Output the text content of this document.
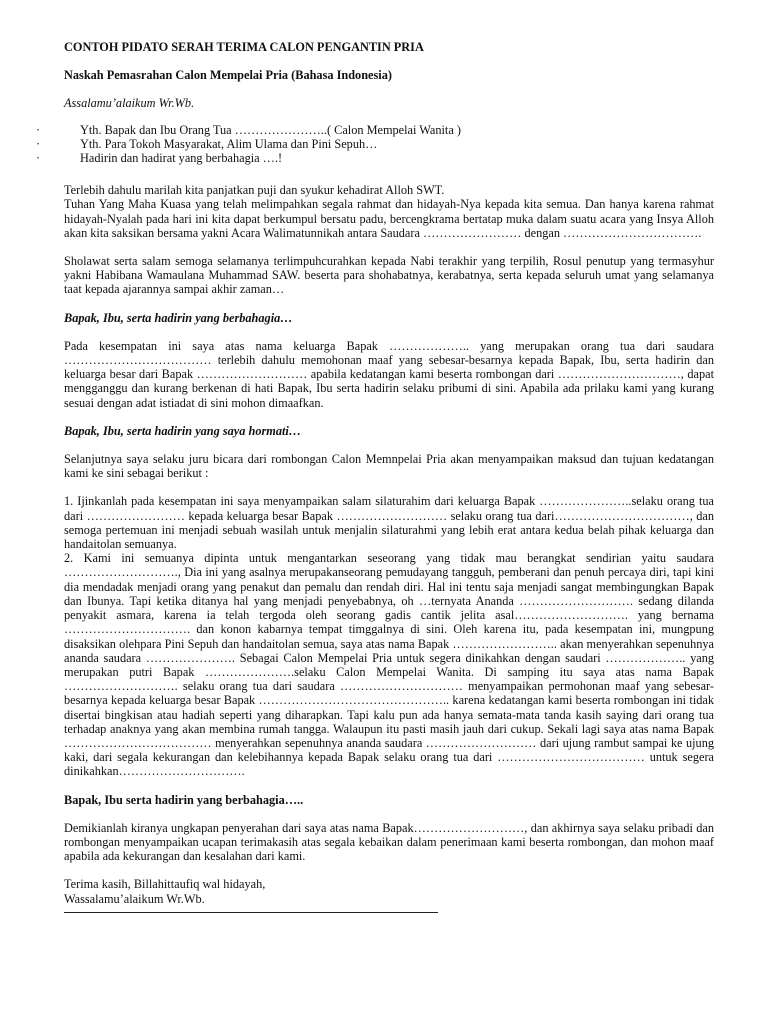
CONTOH PIDATO SERAH TERIMA CALON PENGANTIN PRIA

Naskah Pemasrahan Calon Mempelai Pria (Bahasa Indonesia)

Assalamu’alaikum Wr.Wb.

· Yth. Bapak dan Ibu Orang Tua …………………..( Calon Mempelai Wanita )
· Yth. Para Tokoh Masyarakat, Alim Ulama dan Pini Sepuh…
· Hadirin dan hadirat yang berbahagia ….!

Terlebih dahulu marilah kita panjatkan puji dan syukur kehadirat Alloh SWT.
Tuhan Yang Maha Kuasa yang telah melimpahkan segala rahmat dan hidayah-Nya kepada kita semua. Dan hanya karena rahmat hidayah-Nyalah pada hari ini kita dapat berkumpul bersatu padu, bercengkrama bertatap muka dalam suatu acara yang Insya Alloh akan kita saksikan bersama yakni Acara Walimatunnikah antara Saudara …………………… dengan …………………………….

Sholawat serta salam semoga selamanya terlimpuhcurahkan kepada Nabi terakhir yang terpilih, Rosul penutup yang termasyhur yakni Habibana Wamaulana Muhammad SAW. beserta para shohabatnya, kerabatnya, serta kepada seluruh umat yang selamanya taat kepada ajarannya sampai akhir zaman…

Bapak, Ibu, serta hadirin yang berbahagia…

Pada kesempatan ini saya atas nama keluarga Bapak ……………….. yang merupakan orang tua dari saudara ……………………………… terlebih dahulu memohonan maaf yang sebesar-besarnya kepada Bapak, Ibu, serta hadirin dan keluarga besar dari Bapak ……………………… apabila kedatangan kami beserta rombongan dari …………………………, dapat mengganggu dan kurang berkenan di hati Bapak, Ibu serta hadirin selaku pribumi di sini. Apabila ada prilaku kami yang kurang sesuai dengan adat istiadat di sini mohon dimaafkan.

Bapak, Ibu, serta hadirin yang saya hormati…

Selanjutnya saya selaku juru bicara dari rombongan Calon Memnpelai Pria akan menyampaikan maksud dan tujuan kedatangan kami ke sini sebagai berikut :

1. Ijinkanlah pada kesempatan ini saya menyampaikan salam silaturahim dari keluarga Bapak …………………..selaku orang tua dari …………………… kepada keluarga besar Bapak ……………………… selaku orang tua dari……………………………, dan semoga pertemuan ini menjadi sebuah wasilah untuk menjalin silaturahmi yang lebih erat antara kedua belah pihak keluarga dan handaitolan semuanya.
2. Kami ini semuanya dipinta untuk mengantarkan seseorang yang tidak mau berangkat sendirian yaitu saudara ………………………., Dia ini yang asalnya merupakanseorang pemudayang tangguh, pemberani dan penuh percaya diri, tapi kini dia mendadak menjadi orang yang penakut dan pemalu dan rendah diri. Hal ini tentu saja menjadi sangat membingungkan Bapak dan Ibunya. Tapi ketika ditanya hal yang menjadi penyebabnya, oh …ternyata Ananda ………………………. sedang dilanda penyakit asmara, karena ia telah tergoda oleh seorang gadis cantik jelita asal………………………. yang bernama …………………………. dan konon kabarnya tempat timggalnya di sini. Oleh karena itu, pada kesempatan ini, mungpung disaksikan olehpara Pini Sepuh dan handaitolan semua, saya atas nama Bapak …………………….. akan menyerahkan sepenuhnya ananda saudara …………………. Sebagai Calon Mempelai Pria untuk segera dinikahkan dengan saudari ……………….. yang merupakan putri Bapak ………………….selaku Calon Mempelai Wanita. Di samping itu saya atas nama Bapak ………………………. selaku orang tua dari saudara ………………………… menyampaikan permohonan maaf yang sebesar-besarnya kepada keluarga besar Bapak ……………………………………….. karena kedatangan kami beserta rombongan ini tidak disertai bingkisan atau hadiah seperti yang diharapkan. Tapi kalu pun ada hanya semata-mata tanda kasih saying dari orang tua terhadap anaknya yang akan membina rumah tangga. Walaupun itu pasti masih jauh dari cukup. Sekali lagi saya atas nama Bapak ……………………………… menyerahkan sepenuhnya ananda saudara ……………………… dari ujung rambut sampai ke ujung kaki, dari segala kekurangan dan kelebihannya kepada Bapak selaku orang tua dari ……………………………… untuk segera dinikahkan………………………….

Bapak, Ibu serta hadirin yang berbahagia…..

Demikianlah kiranya ungkapan penyerahan dari saya atas nama Bapak………………………, dan akhirnya saya selaku pribadi dan rombongan menyampaikan ucapan terimakasih atas segala kebaikan dalam penerimaan kami beserta rombongan, dan mohon maaf apabila ada kekurangan dan kesalahan dari kami.

Terima kasih, Billahittaufiq wal hidayah,

Wassalamu’alaikum Wr.Wb.
